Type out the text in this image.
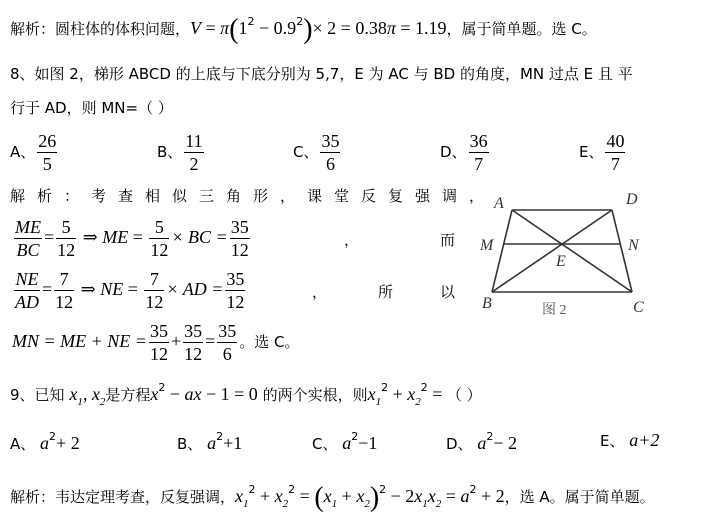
解析：圆柱体的体积问题，$V = \pi(1^2 - 0.9^2)\times 2 = 0.38\pi = 1.19$，属于简单题。选 C。
8、如图 2，梯形 ABCD 的上底与下底分别为 5,7，E 为 AC 与 BD 的角度，MN 过点 E 且 平
行于 AD，则 MN=（ ）
A、 $\frac{26}{5}$	B、 $\frac{11}{2}$	C、 $\frac{35}{6}$	D、 $\frac{36}{7}$	E、 $\frac{40}{7}$
解析：考查相似三角形，课堂反复强调，
$\frac{ME}{BC} = \frac{5}{12}$ ⇒ ME = $\frac{5}{12}$ × BC = $\frac{35}{12}$	，	而
$\frac{NE}{AD} = \frac{7}{12}$ ⇒ NE = $\frac{7}{12}$ × AD = $\frac{35}{12}$	，	所	以
MN = ME + NE = $\frac{35}{12} + \frac{35}{12} = \frac{35}{6}$ 。选 C。
A	D
M	N
E
B	C
图 2
9、已知 $x_1$, $x_2$是方程$x^2$ − ax − 1 = 0 的两个实根，则$x_1^2 + x_2^2$ = （ ）
A、 $a^2+ 2$	B、 $a^2+1$	C、 $a^2-1$	D、 $a^2- 2$	E、 a+2
解析：韦达定理考查，反复强调，$x_1^2 + x_2^2 = (x_1 + x_2)^2 - 2x_1x_2 = a^2 + 2$，选 A。属于简单题。
